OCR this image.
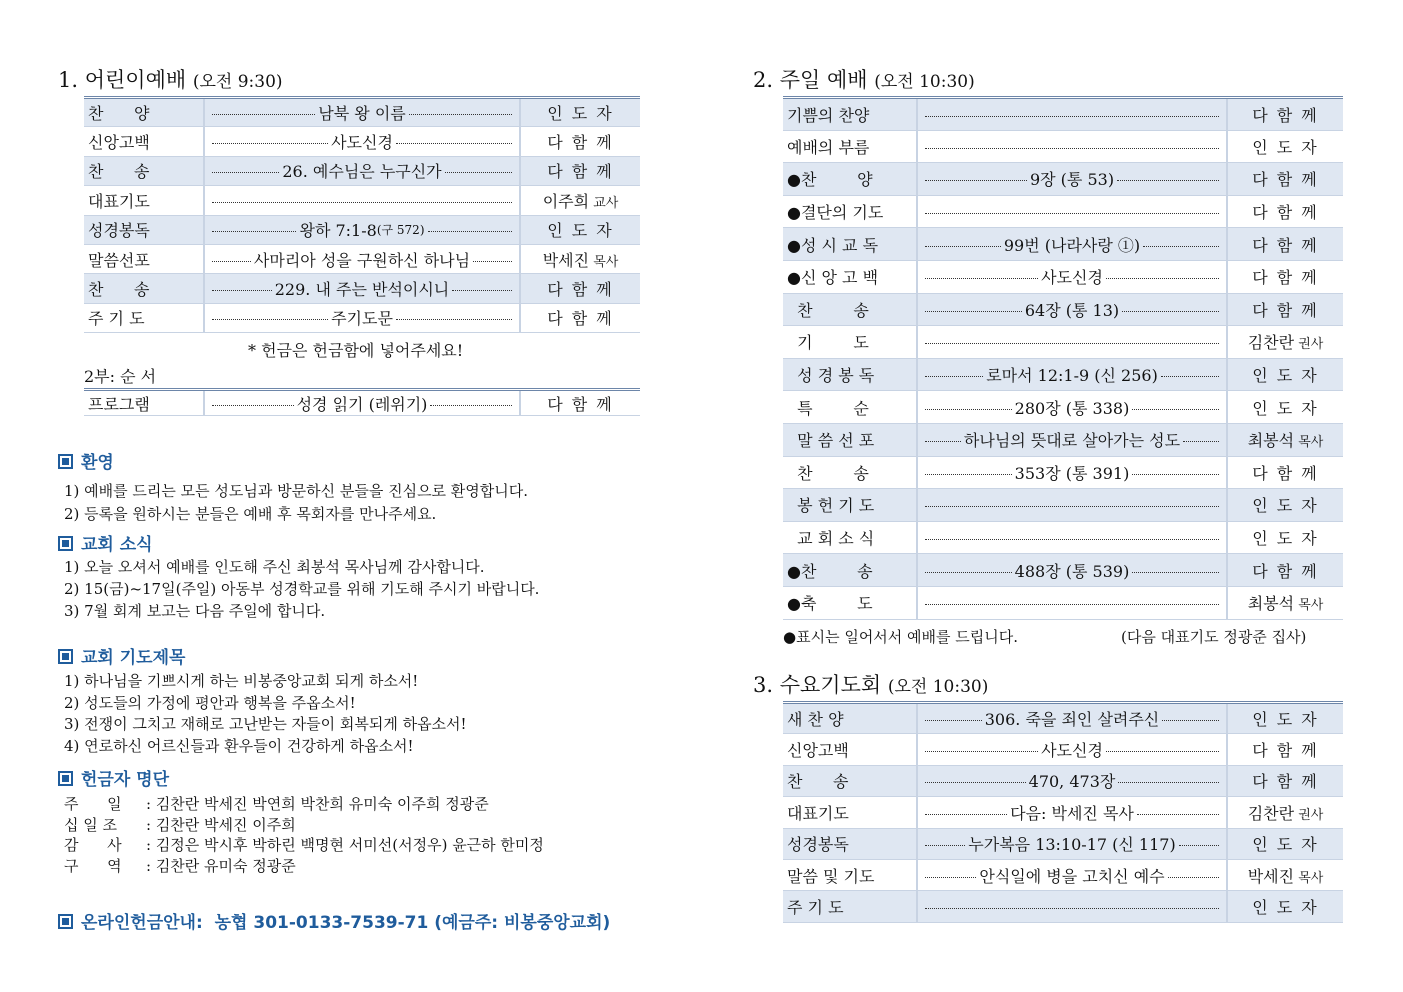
1. 어린이예배 (오전 9:30)
찬      양	남북 왕 이름	인 도 자
신앙고백	사도신경	다 함 께
찬      송	26. 예수님은 누구신가	다 함 께
대표기도		이주희 교사
성경봉독	왕하 7:1-8 (구 572)	인 도 자
말씀선포	사마리아 성을 구원하신 하나님	박세진 목사
찬      송	229. 내 주는 반석이시니	다 함 께
주 기 도	주기도문	다 함 께
* 헌금은 헌금함에 넣어주세요!
2부: 순 서
프로그램	성경 읽기 (레위기)	다 함 께
환영
1) 예배를 드리는 모든 성도님과 방문하신 분들을 진심으로 환영합니다.
2) 등록을 원하시는 분들은 예배 후 목회자를 만나주세요.
교회 소식
1) 오늘 오셔서 예배를 인도해 주신 최봉석 목사님께 감사합니다.
2) 15(금)~17일(주일) 아동부 성경학교를 위해 기도해 주시기 바랍니다.
3) 7월 회계 보고는 다음 주일에 합니다.
교회 기도제목
1) 하나님을 기쁘시게 하는 비봉중앙교회 되게 하소서!
2) 성도들의 가정에 평안과 행복을 주옵소서!
3) 전쟁이 그치고 재해로 고난받는 자들이 회복되게 하옵소서!
4) 연로하신 어르신들과 환우들이 건강하게 하옵소서!
헌금자 명단
주      일 : 김찬란 박세진 박연희 박찬희 유미숙 이주희 정광준
십 일 조 : 김찬란 박세진 이주희
감      사 : 김정은 박시후 박하린 백명현 서미선(서정우) 윤근하 한미정
구      역 : 김찬란 유미숙 정광준
온라인헌금안내: 농협 301-0133-7539-71 (예금주: 비봉중앙교회)
2. 주일 예배 (오전 10:30)
기쁨의 찬양		다 함 께
예배의 부름		인 도 자
●찬        양	9장 (통 53)	다 함 께
●결단의 기도		다 함 께
●성 시 교 독	99번 (나라사랑 ①)	다 함 께
●신 앙 고 백	사도신경	다 함 께
찬        송	64장 (통 13)	다 함 께
기        도		김찬란 권사
성 경 봉 독	로마서 12:1-9 (신 256)	인 도 자
특        순	280장 (통 338)	인 도 자
말 씀 선 포	하나님의 뜻대로 살아가는 성도	최봉석 목사
찬        송	353장 (통 391)	다 함 께
봉 헌 기 도		인 도 자
교 회 소 식		인 도 자
●찬        송	488장 (통 539)	다 함 께
●축        도		최봉석 목사
●표시는 일어서서 예배를 드립니다.	(다음 대표기도 정광준 집사)
3. 수요기도회 (오전 10:30)
새 찬 양	306. 죽을 죄인 살려주신	인 도 자
신앙고백	사도신경	다 함 께
찬      송	470, 473장	다 함 께
대표기도	다음: 박세진 목사	김찬란 권사
성경봉독	누가복음 13:10-17 (신 117)	인 도 자
말씀 및 기도	안식일에 병을 고치신 예수	박세진 목사
주 기 도		인 도 자
